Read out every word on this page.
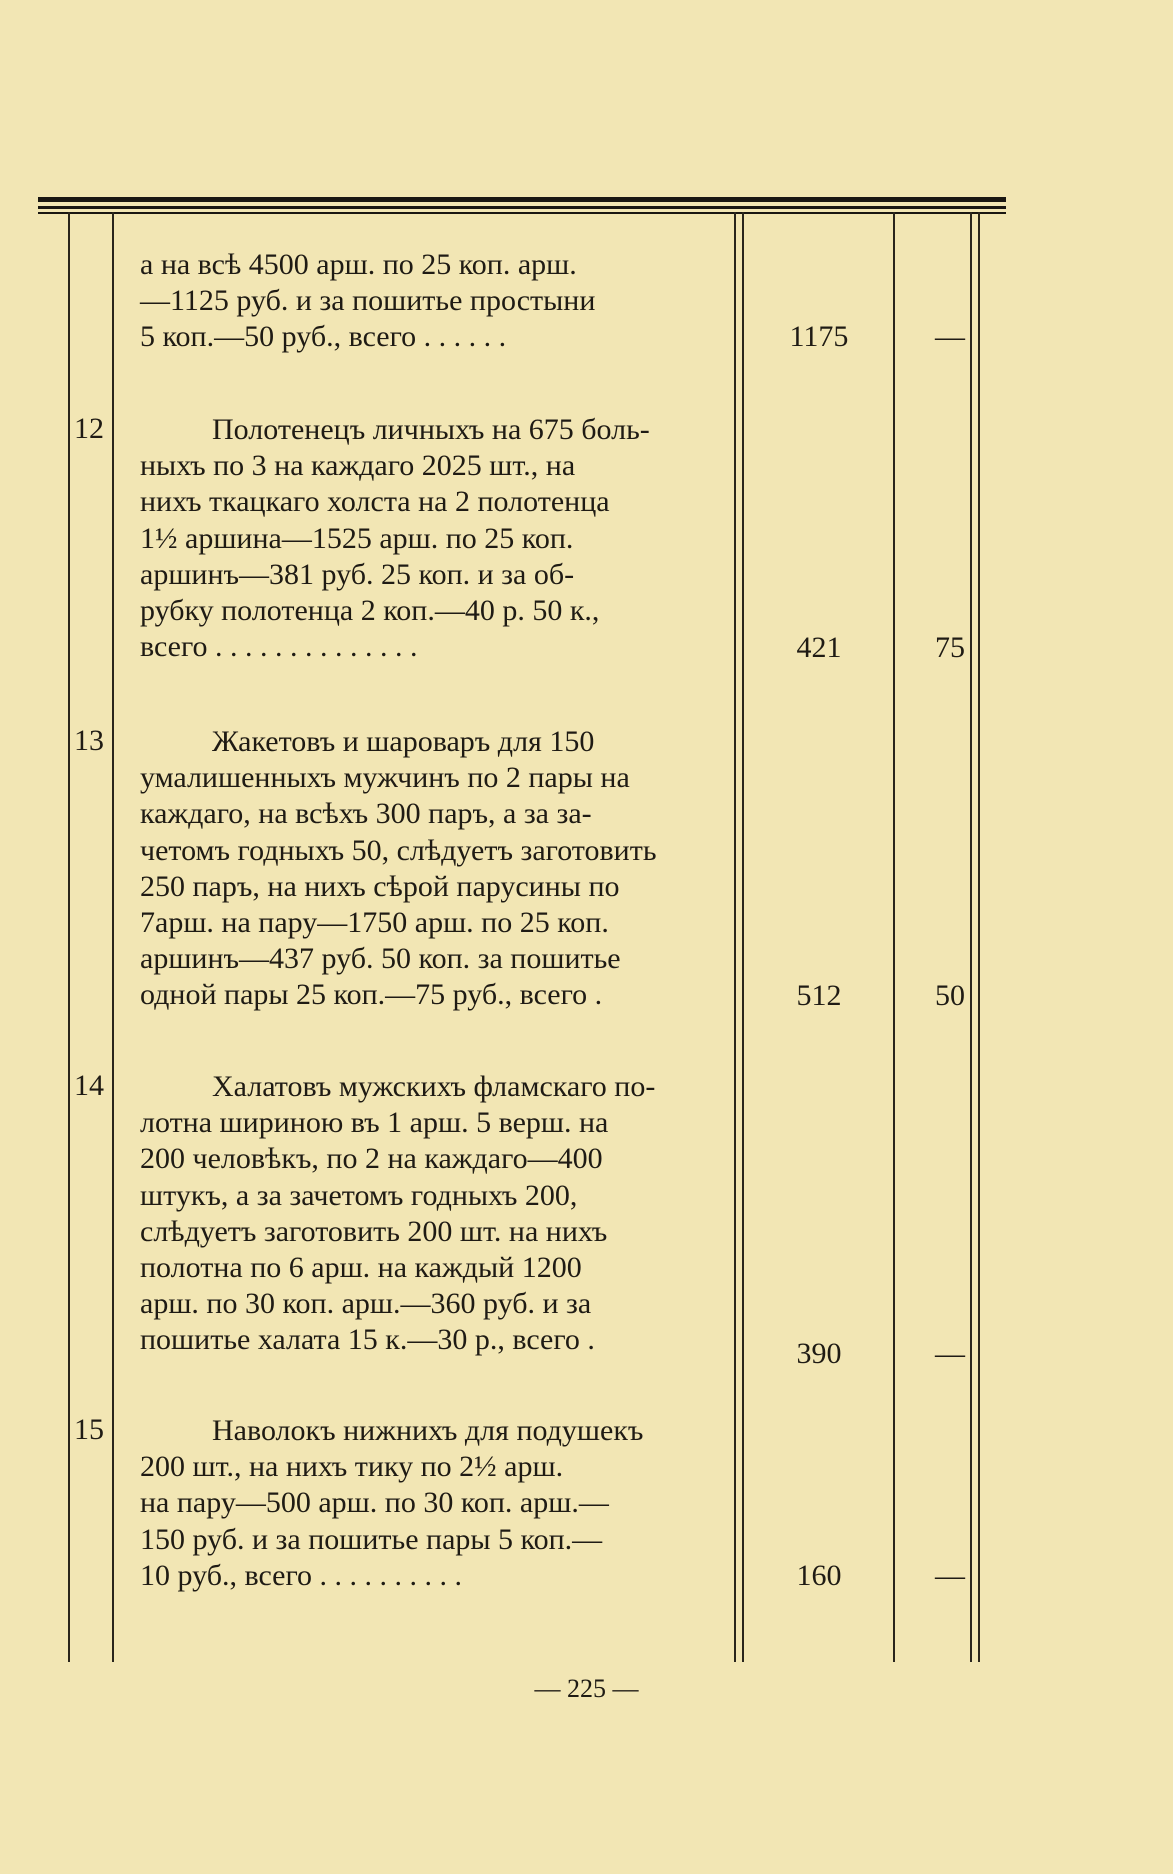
а на всѣ 4500 арш. по 25 коп. арш.

—1125 руб. и за пошитье простыни

5 коп.—50 руб., всего . . . . . .	1175	—
12	Полотенецъ личныхъ на 675 боль-

ныхъ по 3 на каждаго 2025 шт., на

нихъ ткацкаго холста на 2 полотенца

1½ аршина—1525 арш. по 25 коп.

аршинъ—381 руб. 25 коп. и за об-

рубку полотенца 2 коп.—40 р. 50 к.,

всего . . . . . . . . . . . . . .	421	75
13	Жакетовъ и шароваръ для 150

умалишенныхъ мужчинъ по 2 пары на

каждаго, на всѣхъ 300 паръ, а за за-

четомъ годныхъ 50, слѣдуетъ заготовить

250 паръ, на нихъ сѣрой парусины по

7арш. на пару—1750 арш. по 25 коп.

аршинъ—437 руб. 50 коп. за пошитье

одной пары 25 коп.—75 руб., всего .	512	50
14	Халатовъ мужскихъ фламскаго по-

лотна шириною въ 1 арш. 5 верш. на

200 человѣкъ, по 2 на каждаго—400

штукъ, а за зачетомъ годныхъ 200,

слѣдуетъ заготовить 200 шт. на нихъ

полотна по 6 арш. на каждый 1200

арш. по 30 коп. арш.—360 руб. и за

пошитье халата 15 к.—30 р., всего .	390	—
15	Наволокъ нижнихъ для подушекъ

200 шт., на нихъ тику по 2½ арш.

на пару—500 арш. по 30 коп. арш.—

150 руб. и за пошитье пары 5 коп.—

10 руб., всего . . . . . . . . . .	160	—
— 225 —
